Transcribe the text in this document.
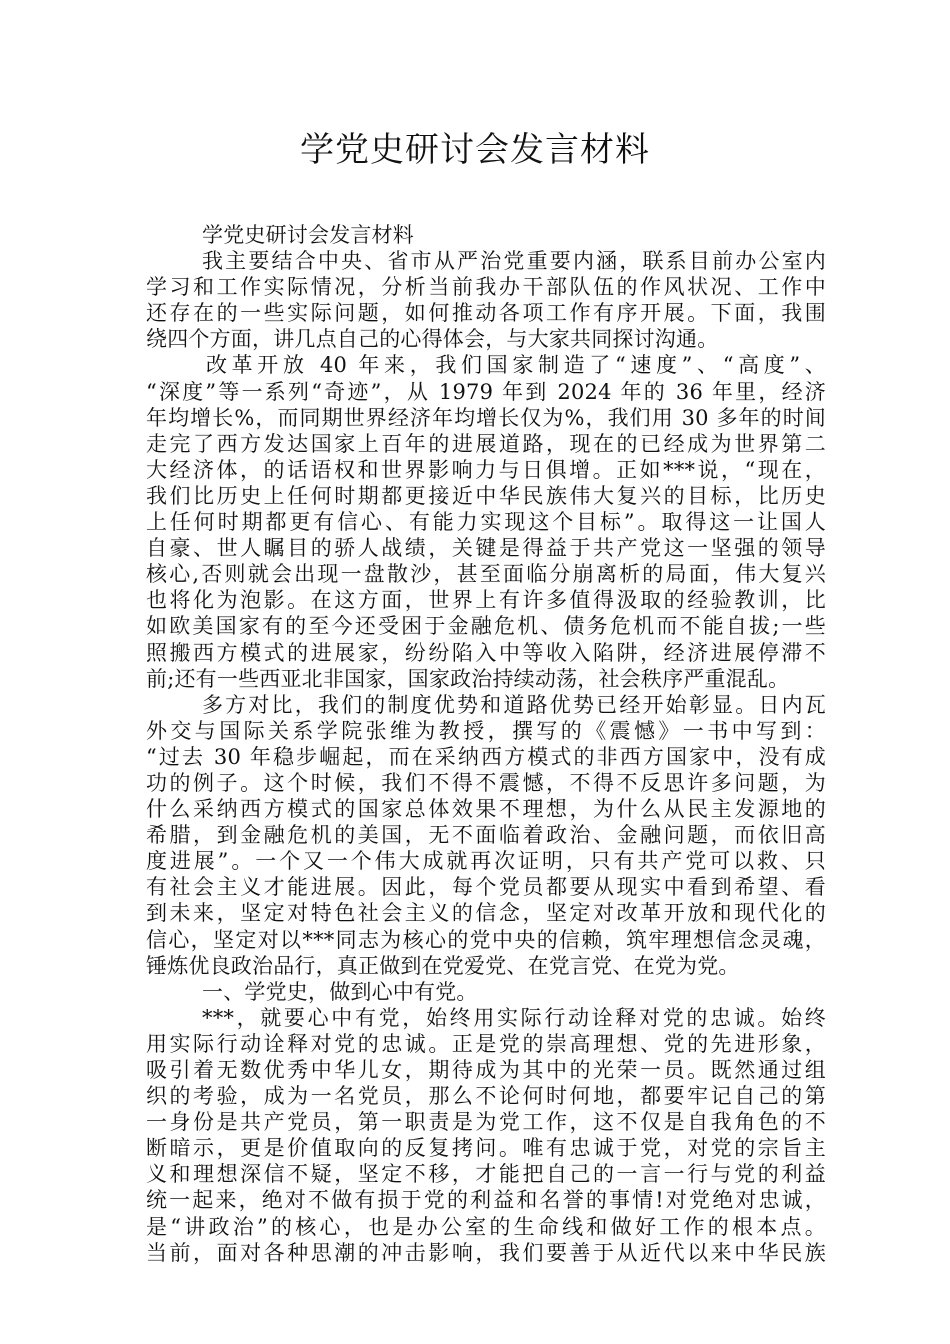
学党史研讨会发言材料
学党史研讨会发言材料
我主要结合中央、省市从严治党重要内涵，联系目前办公室内
学习和工作实际情况，分析当前我办干部队伍的作风状况、工作中
还存在的一些实际问题，如何推动各项工作有序开展。下面，我围
绕四个方面，讲几点自己的心得体会，与大家共同探讨沟通。
改革开放 40 年来，我们国家制造了“速度”、“高度”、
“深度”等一系列“奇迹”，从 1979 年到 2024 年的 36 年里，经济
年均增长%，而同期世界经济年均增长仅为%，我们用 30 多年的时间
走完了西方发达国家上百年的进展道路，现在的已经成为世界第二
大经济体，的话语权和世界影响力与日俱增。正如***说，“现在，
我们比历史上任何时期都更接近中华民族伟大复兴的目标，比历史
上任何时期都更有信心、有能力实现这个目标”。取得这一让国人
自豪、世人瞩目的骄人战绩，关键是得益于共产党这一坚强的领导
核心,否则就会出现一盘散沙，甚至面临分崩离析的局面，伟大复兴
也将化为泡影。在这方面，世界上有许多值得汲取的经验教训，比
如欧美国家有的至今还受困于金融危机、债务危机而不能自拔;一些
照搬西方模式的进展家，纷纷陷入中等收入陷阱，经济进展停滞不
前;还有一些西亚北非国家，国家政治持续动荡，社会秩序严重混乱。
多方对比，我们的制度优势和道路优势已经开始彰显。日内瓦
外交与国际关系学院张维为教授，撰写的《震憾》一书中写到：
“过去 30 年稳步崛起，而在采纳西方模式的非西方国家中，没有成
功的例子。这个时候，我们不得不震憾，不得不反思许多问题，为
什么采纳西方模式的国家总体效果不理想，为什么从民主发源地的
希腊，到金融危机的美国，无不面临着政治、金融问题，而依旧高
度进展”。一个又一个伟大成就再次证明，只有共产党可以救、只
有社会主义才能进展。因此，每个党员都要从现实中看到希望、看
到未来，坚定对特色社会主义的信念，坚定对改革开放和现代化的
信心，坚定对以***同志为核心的党中央的信赖，筑牢理想信念灵魂，
锤炼优良政治品行，真正做到在党爱党、在党言党、在党为党。
一、学党史，做到心中有党。
***，就要心中有党，始终用实际行动诠释对党的忠诚。始终
用实际行动诠释对党的忠诚。正是党的崇高理想、党的先进形象，
吸引着无数优秀中华儿女，期待成为其中的光荣一员。既然通过组
织的考验，成为一名党员，那么不论何时何地，都要牢记自己的第
一身份是共产党员，第一职责是为党工作，这不仅是自我角色的不
断暗示，更是价值取向的反复拷问。唯有忠诚于党，对党的宗旨主
义和理想深信不疑，坚定不移，才能把自己的一言一行与党的利益
统一起来，绝对不做有损于党的利益和名誉的事情!对党绝对忠诚，
是“讲政治”的核心，也是办公室的生命线和做好工作的根本点。
当前，面对各种思潮的冲击影响，我们要善于从近代以来中华民族
